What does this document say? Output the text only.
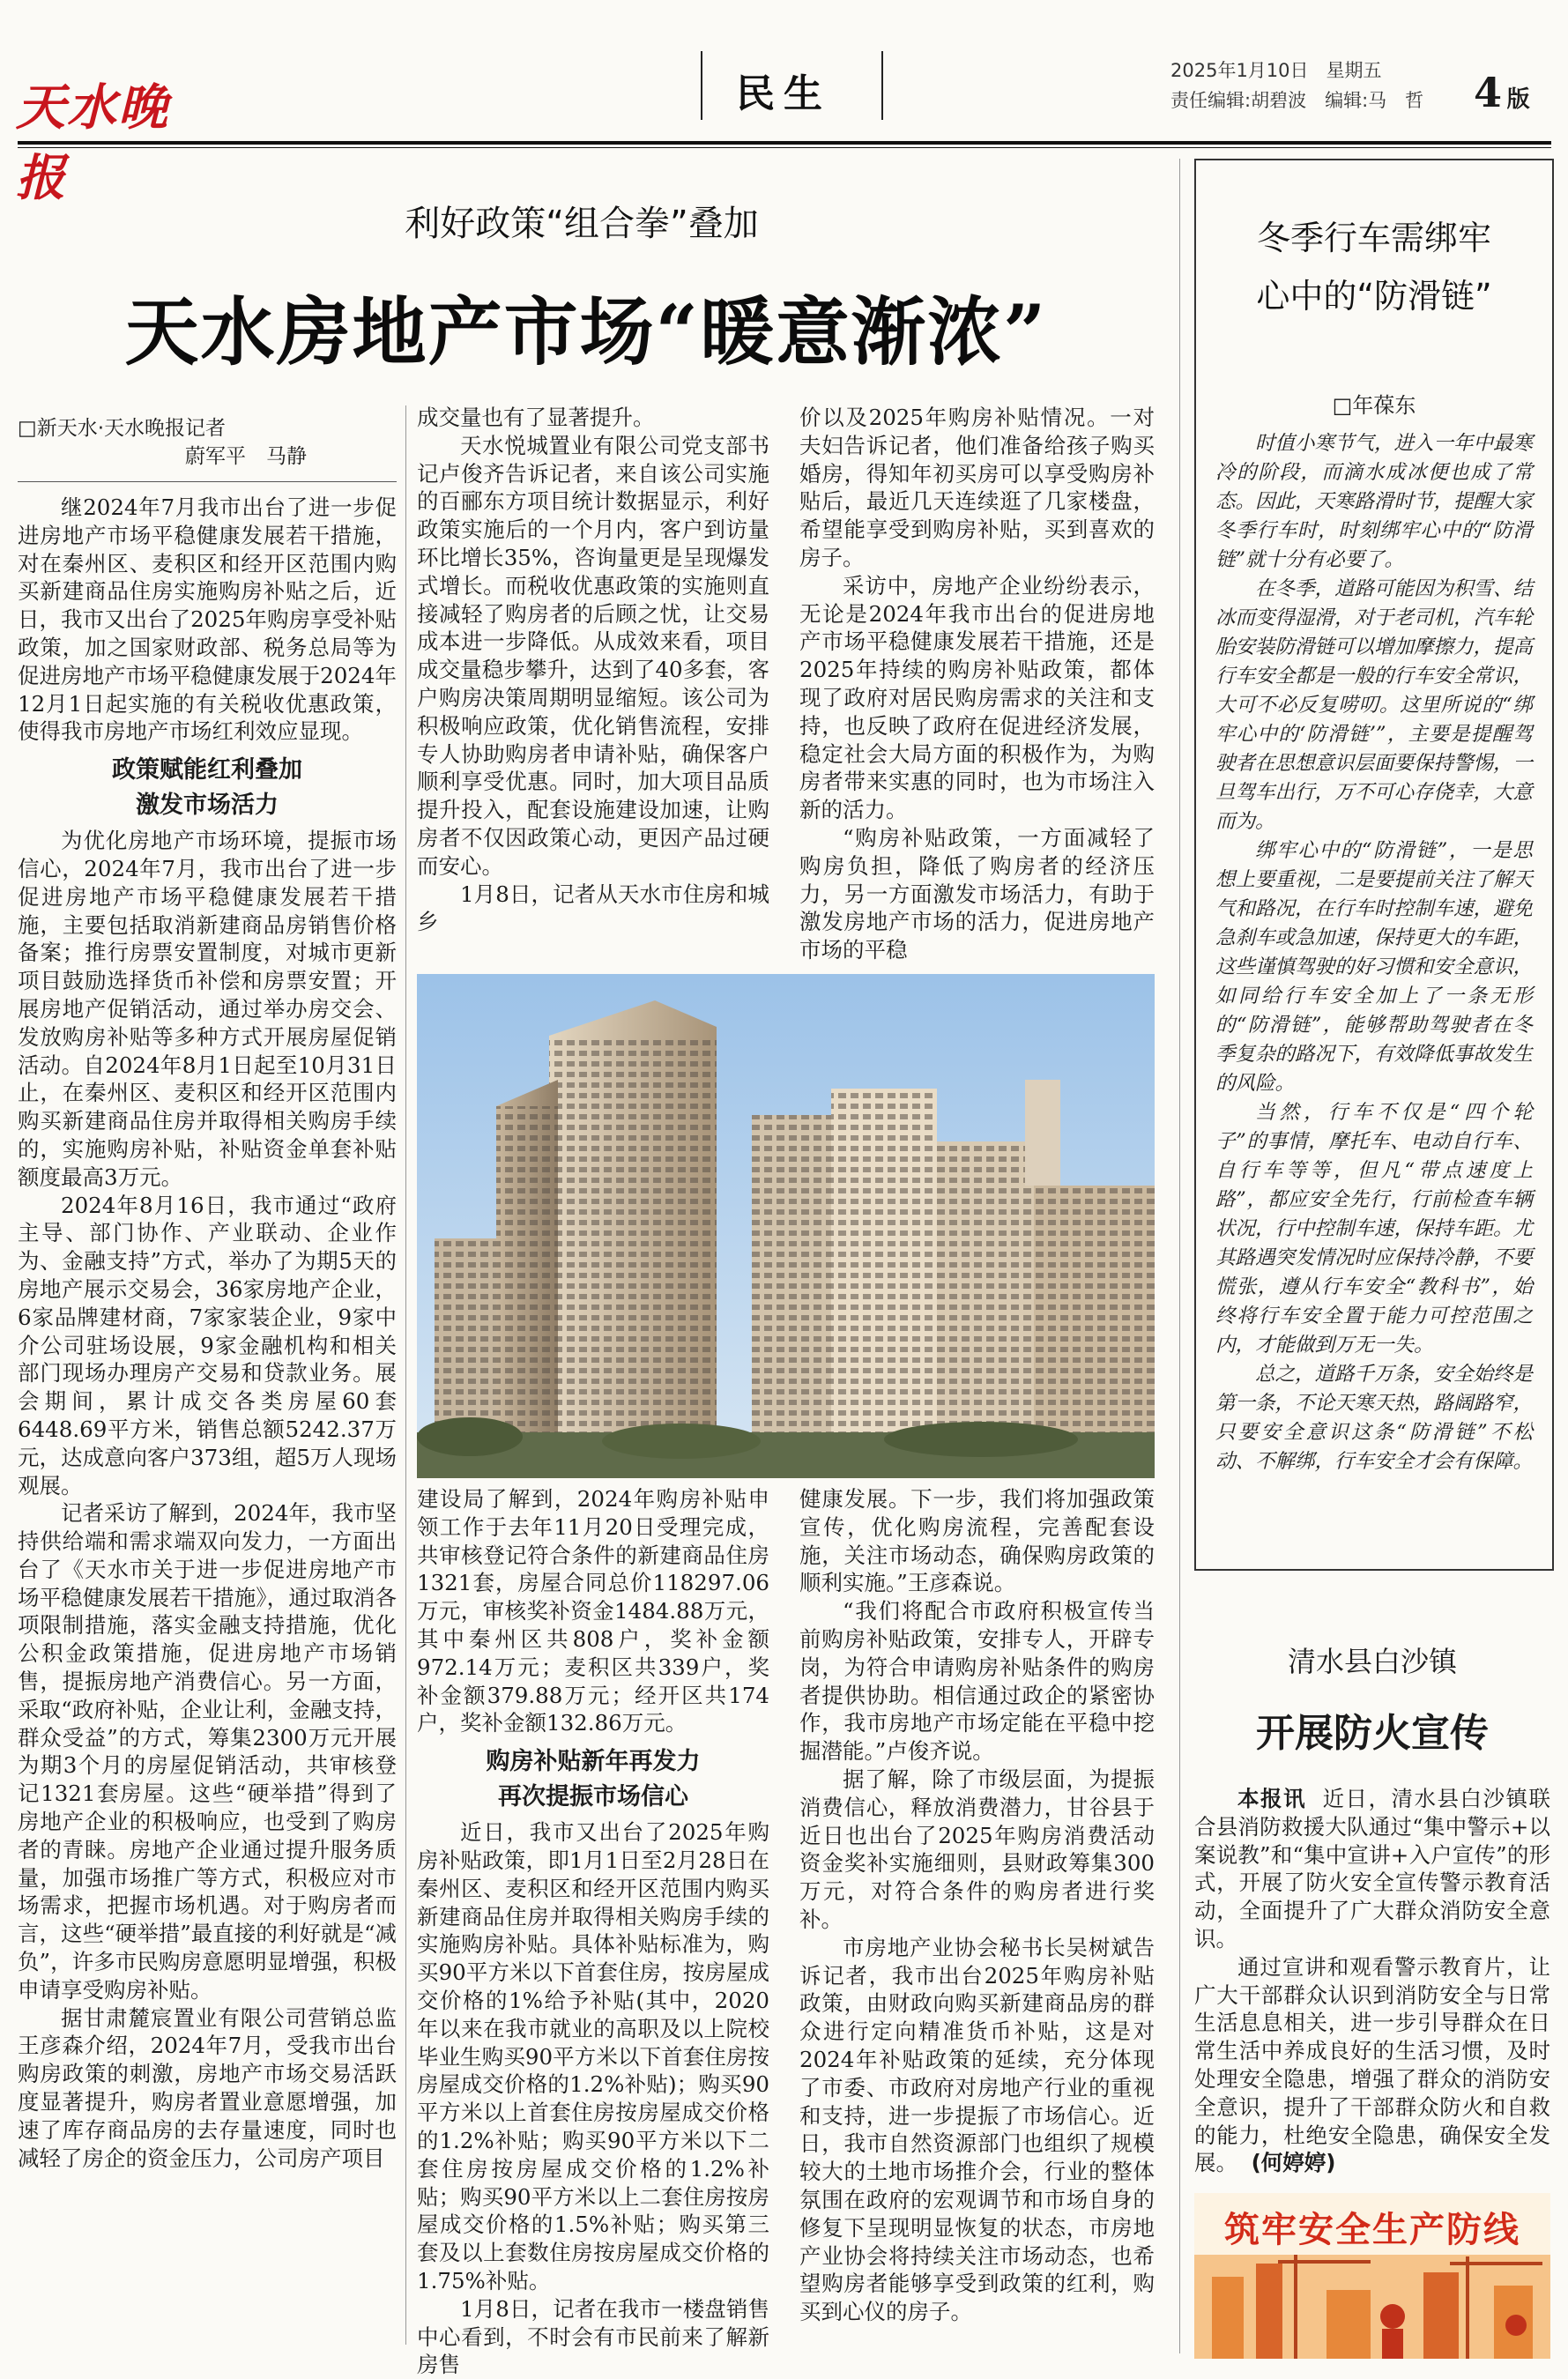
天水晚报
民生
2025年1月10日 星期五
责任编辑:胡碧波　编辑:马　哲 4 版
利好政策“组合拳”叠加
天水房地产市场“暖意渐浓”
□新天水·天水晚报记者
蔚军平　马静

继2024年7月我市出台了进一步促进房地产市场平稳健康发展若干措施，对在秦州区、麦积区和经开区范围内购买新建商品住房实施购房补贴之后，近日，我市又出台了2025年购房享受补贴政策，加之国家财政部、税务总局等为促进房地产市场平稳健康发展于2024年12月1日起实施的有关税收优惠政策，使得我市房地产市场红利效应显现。

政策赋能红利叠加
激发市场活力

为优化房地产市场环境，提振市场信心，2024年7月，我市出台了进一步促进房地产市场平稳健康发展若干措施，主要包括取消新建商品房销售价格备案；推行房票安置制度，对城市更新项目鼓励选择货币补偿和房票安置；开展房地产促销活动，通过举办房交会、发放购房补贴等多种方式开展房屋促销活动。自2024年8月1日起至10月31日止，在秦州区、麦积区和经开区范围内购买新建商品住房并取得相关购房手续的，实施购房补贴，补贴资金单套补贴额度最高3万元。

2024年8月16日，我市通过“政府主导、部门协作、产业联动、企业作为、金融支持”方式，举办了为期5天的房地产展示交易会，36家房地产企业，6家品牌建材商，7家家装企业，9家中介公司驻场设展，9家金融机构和相关部门现场办理房产交易和贷款业务。展会期间，累计成交各类房屋60套6448.69平方米，销售总额5242.37万元，达成意向客户373组，超5万人现场观展。

记者采访了解到，2024年，我市坚持供给端和需求端双向发力，一方面出台了《天水市关于进一步促进房地产市场平稳健康发展若干措施》，通过取消各项限制措施，落实金融支持措施，优化公积金政策措施，促进房地产市场销售，提振房地产消费信心。另一方面，采取“政府补贴，企业让利，金融支持，群众受益”的方式，筹集2300万元开展为期3个月的房屋促销活动，共审核登记1321套房屋。这些“硬举措”得到了房地产企业的积极响应，也受到了购房者的青睐。房地产企业通过提升服务质量，加强市场推广等方式，积极应对市场需求，把握市场机遇。对于购房者而言，这些“硬举措”最直接的利好就是“减负”，许多市民购房意愿明显增强，积极申请享受购房补贴。

据甘肃麓宸置业有限公司营销总监王彦森介绍，2024年7月，受我市出台购房政策的刺激，房地产市场交易活跃度显著提升，购房者置业意愿增强，加速了库存商品房的去存量速度，同时也减轻了房企的资金压力，公司房产项目

成交量也有了显著提升。

天水悦城置业有限公司党支部书记卢俊齐告诉记者，来自该公司实施的百郦东方项目统计数据显示，利好政策实施后的一个月内，客户到访量环比增长35%，咨询量更是呈现爆发式增长。而税收优惠政策的实施则直接减轻了购房者的后顾之忧，让交易成本进一步降低。从成效来看，项目成交量稳步攀升，达到了40多套，客户购房决策周期明显缩短。该公司为积极响应政策，优化销售流程，安排专人协助购房者申请补贴，确保客户顺利享受优惠。同时，加大项目品质提升投入，配套设施建设加速，让购房者不仅因政策心动，更因产品过硬而安心。

1月8日，记者从天水市住房和城乡

价以及2025年购房补贴情况。一对夫妇告诉记者，他们准备给孩子购买婚房，得知年初买房可以享受购房补贴后，最近几天连续逛了几家楼盘，希望能享受到购房补贴，买到喜欢的房子。

采访中，房地产企业纷纷表示，无论是2024年我市出台的促进房地产市场平稳健康发展若干措施，还是2025年持续的购房补贴政策，都体现了政府对居民购房需求的关注和支持，也反映了政府在促进经济发展，稳定社会大局方面的积极作为，为购房者带来实惠的同时，也为市场注入新的活力。

“购房补贴政策，一方面减轻了购房负担，降低了购房者的经济压力，另一方面激发市场活力，有助于激发房地产市场的活力，促进房地产市场的平稳

建设局了解到，2024年购房补贴申领工作于去年11月20日受理完成，共审核登记符合条件的新建商品住房1321套，房屋合同总价118297.06万元，审核奖补资金1484.88万元，其中秦州区共808户，奖补金额972.14万元；麦积区共339户，奖补金额379.88万元；经开区共174户，奖补金额132.86万元。

购房补贴新年再发力
再次提振市场信心

近日，我市又出台了2025年购房补贴政策，即1月1日至2月28日在秦州区、麦积区和经开区范围内购买新建商品住房并取得相关购房手续的实施购房补贴。具体补贴标准为，购买90平方米以下首套住房，按房屋成交价格的1%给予补贴(其中，2020年以来在我市就业的高职及以上院校毕业生购买90平方米以下首套住房按房屋成交价格的1.2%补贴)；购买90平方米以上首套住房按房屋成交价格的1.2%补贴；购买90平方米以下二套住房按房屋成交价格的1.2%补贴；购买90平方米以上二套住房按房屋成交价格的1.5%补贴；购买第三套及以上套数住房按房屋成交价格的1.75%补贴。

1月8日，记者在我市一楼盘销售中心看到，不时会有市民前来了解新房售

健康发展。下一步，我们将加强政策宣传，优化购房流程，完善配套设施，关注市场动态，确保购房政策的顺利实施。”王彦森说。

“我们将配合市政府积极宣传当前购房补贴政策，安排专人，开辟专岗，为符合申请购房补贴条件的购房者提供协助。相信通过政企的紧密协作，我市房地产市场定能在平稳中挖掘潜能。”卢俊齐说。

据了解，除了市级层面，为提振消费信心，释放消费潜力，甘谷县于近日也出台了2025年购房消费活动资金奖补实施细则，县财政筹集300万元，对符合条件的购房者进行奖补。

市房地产业协会秘书长吴树斌告诉记者，我市出台2025年购房补贴政策，由财政向购买新建商品房的群众进行定向精准货币补贴，这是对2024年补贴政策的延续，充分体现了市委、市政府对房地产行业的重视和支持，进一步提振了市场信心。近日，我市自然资源部门也组织了规模较大的土地市场推介会，行业的整体氛围在政府的宏观调节和市场自身的修复下呈现明显恢复的状态，市房地产业协会将持续关注市场动态，也希望购房者能够享受到政策的红利，购买到心仪的房子。

冬季行车需绑牢
心中的“防滑链”
□年葆东

时值小寒节气，进入一年中最寒冷的阶段，而滴水成冰便也成了常态。因此，天寒路滑时节，提醒大家冬季行车时，时刻绑牢心中的“防滑链”就十分有必要了。

在冬季，道路可能因为积雪、结冰而变得湿滑，对于老司机，汽车轮胎安装防滑链可以增加摩擦力，提高行车安全都是一般的行车安全常识，大可不必反复唠叨。这里所说的“绑牢心中的‘防滑链’”，主要是提醒驾驶者在思想意识层面要保持警惕，一旦驾车出行，万不可心存侥幸，大意而为。

绑牢心中的“防滑链”，一是思想上要重视，二是要提前关注了解天气和路况，在行车时控制车速，避免急刹车或急加速，保持更大的车距，这些谨慎驾驶的好习惯和安全意识，如同给行车安全加上了一条无形的“防滑链”，能够帮助驾驶者在冬季复杂的路况下，有效降低事故发生的风险。

当然，行车不仅是“四个轮子”的事情，摩托车、电动自行车、自行车等等，但凡“带点速度上路”，都应安全先行，行前检查车辆状况，行中控制车速，保持车距。尤其路遇突发情况时应保持冷静，不要慌张，遵从行车安全“教科书”，始终将行车安全置于能力可控范围之内，才能做到万无一失。

总之，道路千万条，安全始终是第一条，不论天寒天热，路阔路窄，只要安全意识这条“防滑链”不松动、不解绑，行车安全才会有保障。

清水县白沙镇
开展防火宣传

本报讯 近日，清水县白沙镇联合县消防救援大队通过“集中警示+以案说教”和“集中宣讲+入户宣传”的形式，开展了防火安全宣传警示教育活动，全面提升了广大群众消防安全意识。

通过宣讲和观看警示教育片，让广大干部群众认识到消防安全与日常生活息息相关，进一步引导群众在日常生活中养成良好的生活习惯，及时处理安全隐患，增强了群众的消防安全意识，提升了干部群众防火和自救的能力，杜绝安全隐患，确保安全发展。 (何婷婷)

筑牢安全生产防线
